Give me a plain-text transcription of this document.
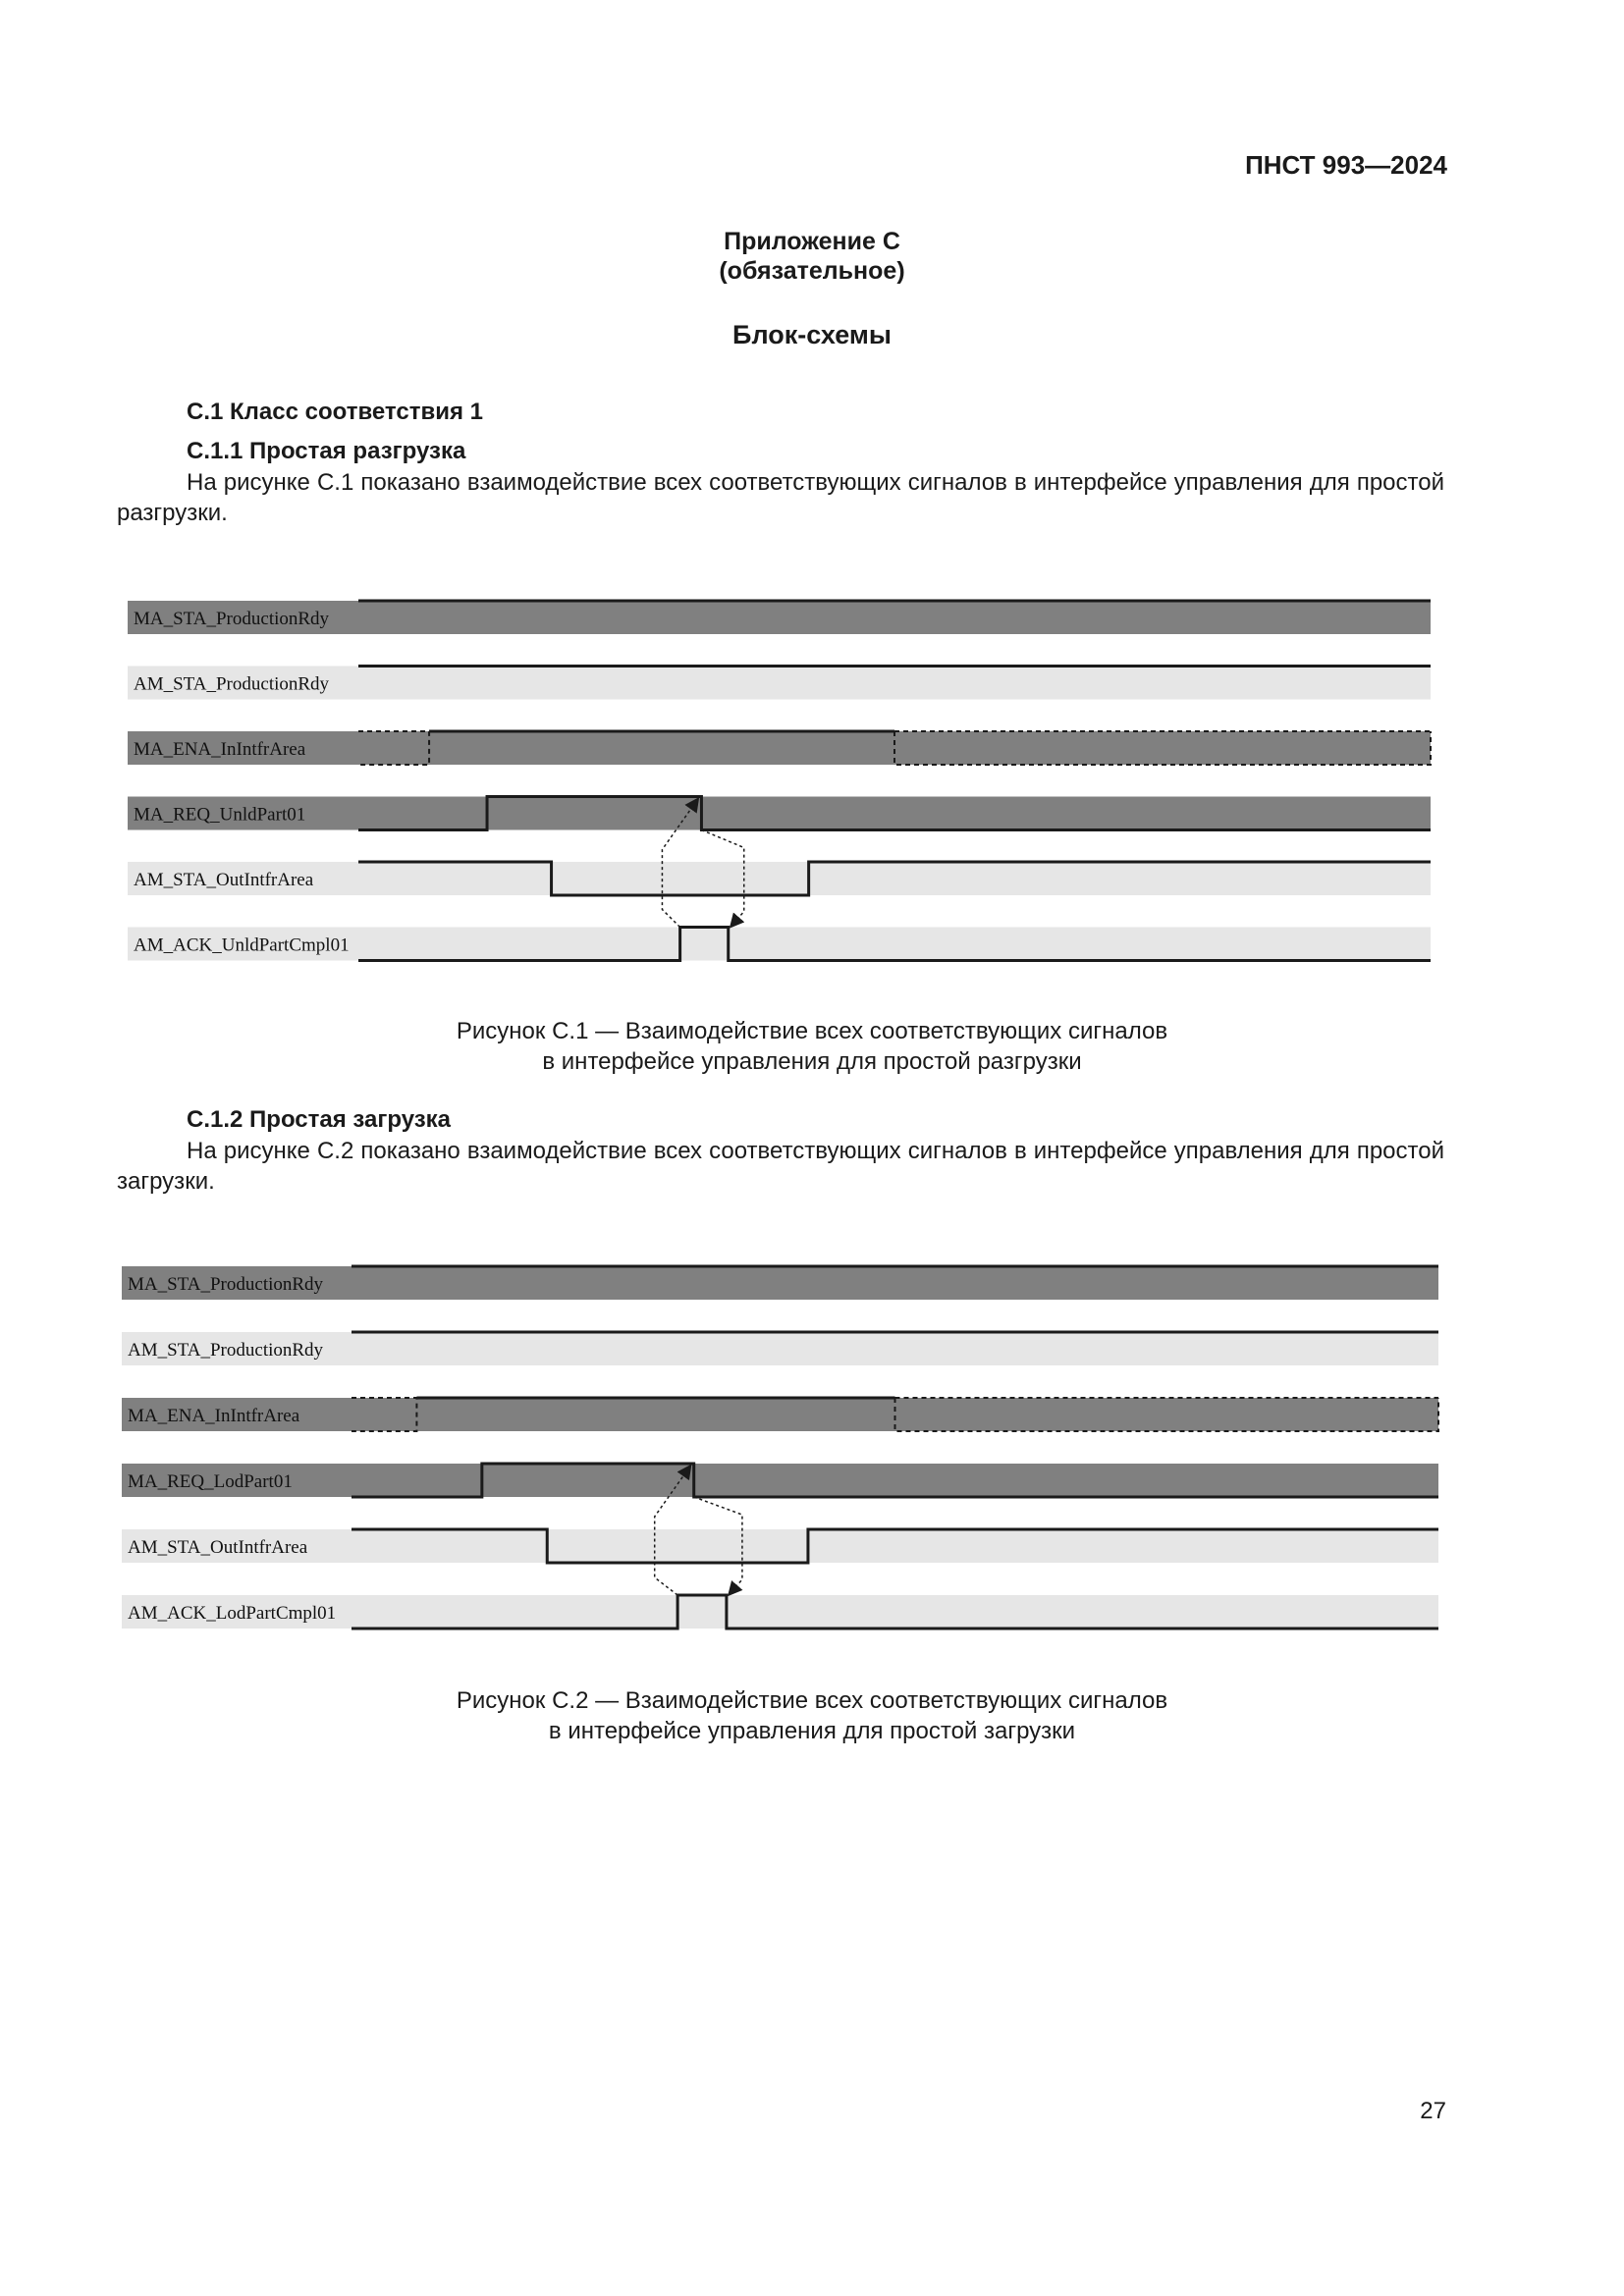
ПНСТ 993—2024
Приложение С
(обязательное)
Блок-схемы
С.1 Класс соответствия 1
С.1.1 Простая разгрузка
На рисунке С.1 показано взаимодействие всех соответствующих сигналов в интерфейсе управления для простой разгрузки.
MA_STA_ProductionRdy
AM_STA_ProductionRdy
MA_ENA_InIntfrArea
MA_REQ_UnldPart01
AM_STA_OutIntfrArea
AM_ACK_UnldPartCmpl01
Рисунок С.1 — Взаимодействие всех соответствующих сигналов
в интерфейсе управления для простой разгрузки
С.1.2 Простая загрузка
На рисунке С.2 показано взаимодействие всех соответствующих сигналов в интерфейсе управления для простой загрузки.
MA_STA_ProductionRdy
AM_STA_ProductionRdy
MA_ENA_InIntfrArea
MA_REQ_LodPart01
AM_STA_OutIntfrArea
AM_ACK_LodPartCmpl01
Рисунок С.2 — Взаимодействие всех соответствующих сигналов
в интерфейсе управления для простой загрузки
27
